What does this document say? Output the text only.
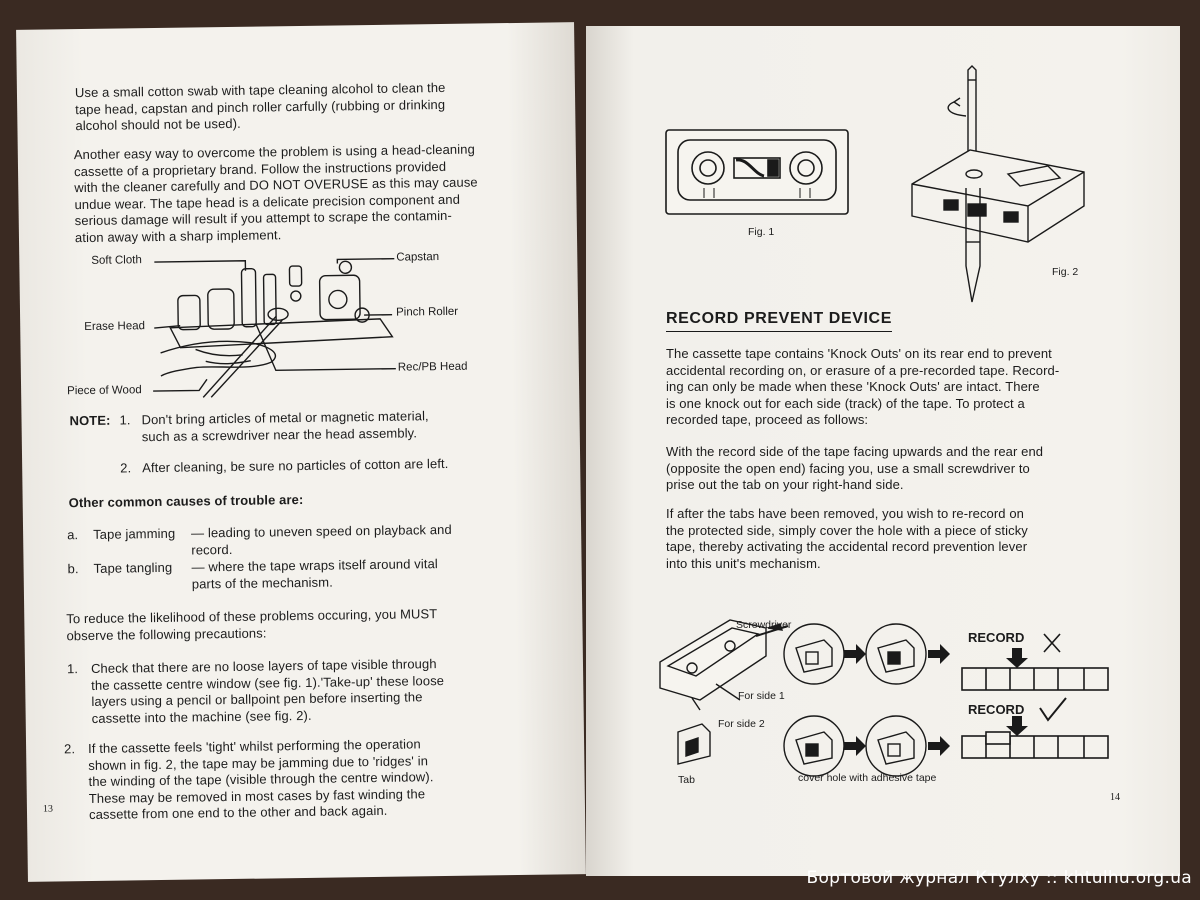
Use a small cotton swab with tape cleaning alcohol to clean the
tape head, capstan and pinch roller carfully (rubbing or drinking
alcohol should not be used).
Another easy way to overcome the problem is using a head-cleaning
cassette of a proprietary brand. Follow the instructions provided
with the cleaner carefully and DO NOT OVERUSE as this may cause
undue wear. The tape head is a delicate precision component and
serious damage will result if you attempt to scrape the contamin-
ation away with a sharp implement.
Soft Cloth	Capstan
Erase Head
Pinch Roller
Rec/PB Head
Piece of Wood
NOTE: 1. Don't bring articles of metal or magnetic material,
such as a screwdriver near the head assembly.
2. After cleaning, be sure no particles of cotton are left.
Other common causes of trouble are:
a. Tape jamming — leading to uneven speed on playback and
record.
b. Tape tangling — where the tape wraps itself around vital
parts of the mechanism.
To reduce the likelihood of these problems occuring, you MUST
observe the following precautions:
1. Check that there are no loose layers of tape visible through
the cassette centre window (see fig. 1).'Take-up' these loose
layers using a pencil or ballpoint pen before inserting the
cassette into the machine (see fig. 2).
2. If the cassette feels 'tight' whilst performing the operation
shown in fig. 2, the tape may be jamming due to 'ridges' in
the winding of the tape (visible through the centre window).
These may be removed in most cases by fast winding the
cassette from one end to the other and back again.
13
Fig. 1
Fig. 2
RECORD PREVENT DEVICE
The cassette tape contains 'Knock Outs' on its rear end to prevent
accidental recording on, or erasure of a pre-recorded tape. Record-
ing can only be made when these 'Knock Outs' are intact. There
is one knock out for each side (track) of the tape. To protect a
recorded tape, proceed as follows:
With the record side of the tape facing upwards and the rear end
(opposite the open end) facing you, use a small screwdriver to
prise out the tab on your right-hand side.
If after the tabs have been removed, you wish to re-record on
the protected side, simply cover the hole with a piece of sticky
tape, thereby activating the accidental record prevention lever
into this unit's mechanism.
Screwdriver
For side 1
For side 2
Tab	cover hole with adhesive tape
RECORD
RECORD
14
Бортовой журнал Ктулху :: khtulhu.org.ua
